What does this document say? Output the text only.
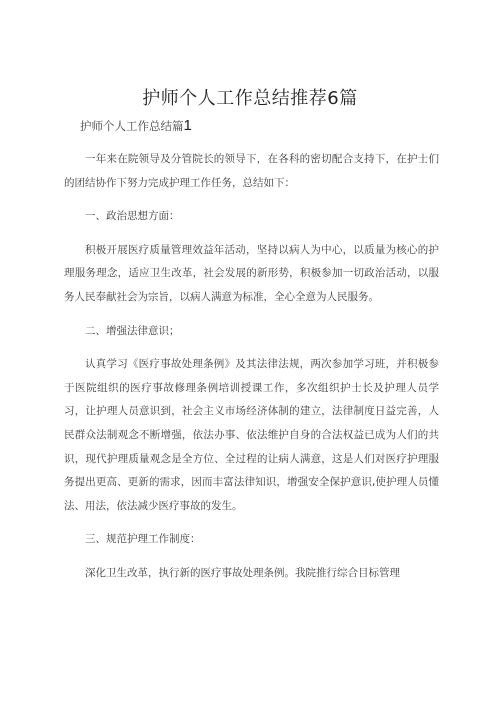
护师个人工作总结推荐6篇
护师个人工作总结篇1

一年来在院领导及分管院长的领导下，在各科的密切配合支持下，在护士们的团结协作下努力完成护理工作任务，总结如下：

一、政治思想方面：

积极开展医疗质量管理效益年活动，坚持以病人为中心，以质量为核心的护理服务理念，适应卫生改革，社会发展的新形势，积极参加一切政治活动，以服务人民奉献社会为宗旨，以病人满意为标准，全心全意为人民服务。

二、增强法律意识；

认真学习《医疗事故处理条例》及其法律法规，两次参加学习班，并积极参于医院组织的医疗事故修理条例培训授课工作，多次组织护士长及护理人员学习，让护理人员意识到，社会主义市场经济体制的建立，法律制度日益完善，人民群众法制观念不断增强，依法办事、依法维护自身的合法权益已成为人们的共识，现代护理质量观念是全方位、全过程的让病人满意，这是人们对医疗护理服务提出更高、更新的需求，因而丰富法律知识，增强安全保护意识,使护理人员懂法、用法，依法减少医疗事故的发生。

三、规范护理工作制度：

深化卫生改革，执行新的医疗事故处理条例。我院推行综合目标管理
